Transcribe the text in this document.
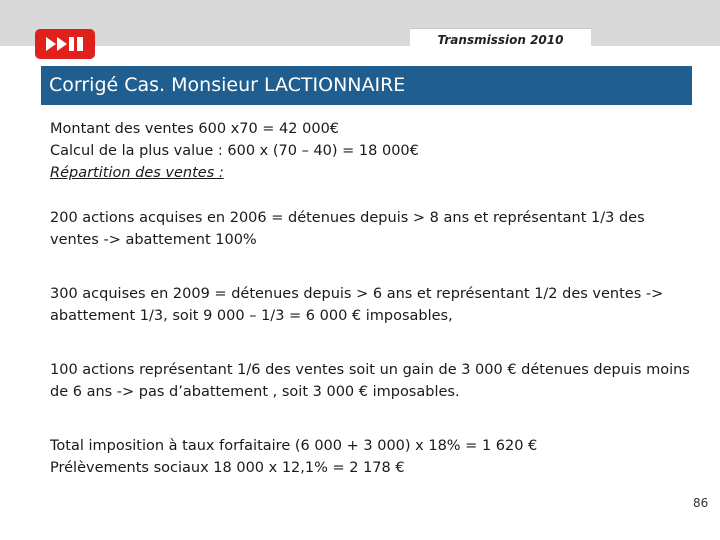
Transmission 2010
Corrigé Cas. Monsieur LACTIONNAIRE

Montant des ventes 600 x70 = 42 000€

Calcul de la plus value : 600 x (70 – 40) = 18 000€

Répartition des ventes :

200 actions acquises en 2006 = détenues depuis > 8 ans et représentant 1/3 des ventes -> abattement 100%

300 acquises en 2009 = détenues depuis > 6 ans et représentant 1/2 des ventes -> abattement 1/3, soit 9 000 – 1/3 = 6 000 € imposables,

100 actions représentant 1/6 des ventes soit un gain de 3 000 € détenues depuis moins de 6 ans -> pas d’abattement , soit 3 000 € imposables.

Total imposition à taux forfaitaire (6 000 + 3 000) x 18% = 1 620 €

Prélèvements sociaux 18 000 x 12,1% = 2 178 €

86
